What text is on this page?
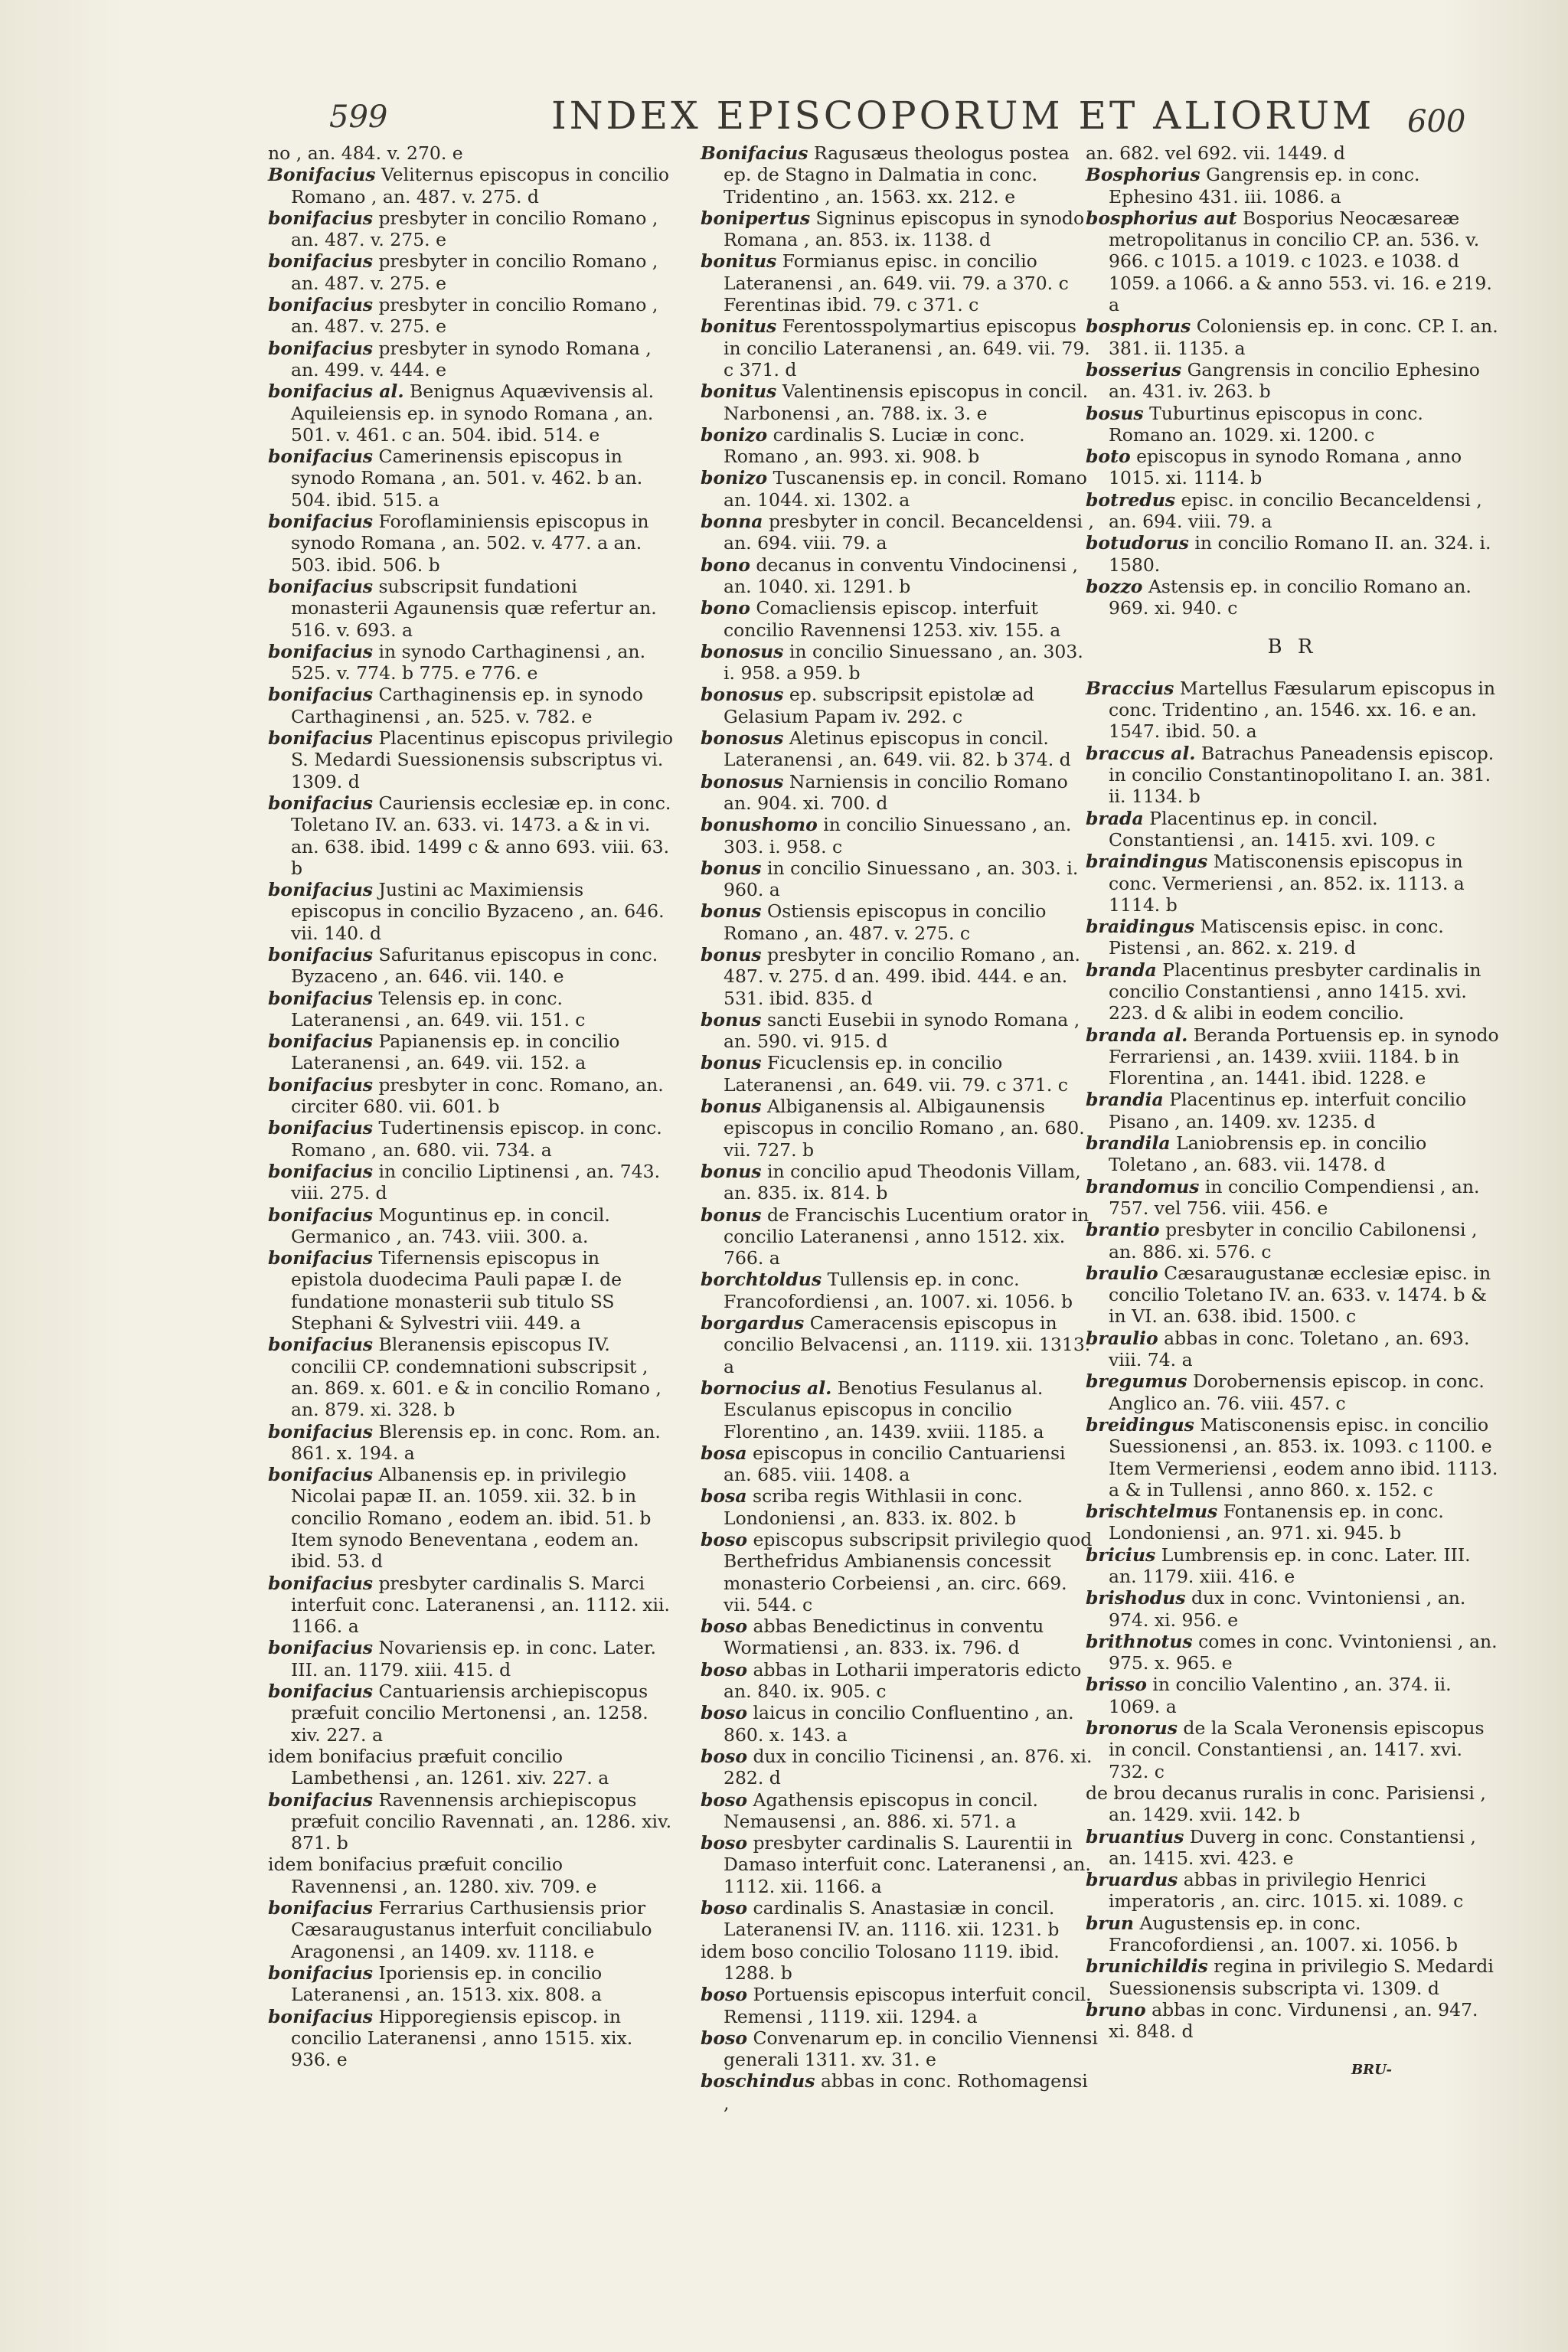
599	INDEX EPISCOPORUM ET ALIORUM 600

no , an. 484. v. 270. e

Bonifacius Veliternus episcopus in concilio Romano , an. 487. v. 275. d

bonifacius presbyter in concilio Romano , an. 487. v. 275. e

bonifacius presbyter in concilio Romano , an. 487. v. 275. e

bonifacius presbyter in concilio Romano , an. 487. v. 275. e

bonifacius presbyter in synodo Romana , an. 499. v. 444. e

bonifacius al. Benignus Aquævivensis al. Aquileiensis ep. in synodo Romana , an. 501. v. 461. c an. 504. ibid. 514. e

bonifacius Camerinensis episcopus in synodo Romana , an. 501. v. 462. b an. 504. ibid. 515. a

bonifacius Foroflaminiensis episcopus in synodo Romana , an. 502. v. 477. a an. 503. ibid. 506. b

bonifacius subscripsit fundationi monasterii Agaunensis quæ refertur an. 516. v. 693. a

bonifacius in synodo Carthaginensi , an. 525. v. 774. b 775. e 776. e

bonifacius Carthaginensis ep. in synodo Carthaginensi , an. 525. v. 782. e

bonifacius Placentinus episcopus privilegio S. Medardi Suessionensis subscriptus vi. 1309. d

bonifacius Cauriensis ecclesiæ ep. in conc. Toletano IV. an. 633. vi. 1473. a & in vi. an. 638. ibid. 1499 c & anno 693. viii. 63. b

bonifacius Justini ac Maximiensis episcopus in concilio Byzaceno , an. 646. vii. 140. d

bonifacius Safuritanus episcopus in conc. Byzaceno , an. 646. vii. 140. e

bonifacius Telensis ep. in conc. Lateranensi , an. 649. vii. 151. c

bonifacius Papianensis ep. in concilio Lateranensi , an. 649. vii. 152. a

bonifacius presbyter in conc. Romano, an. circiter 680. vii. 601. b

bonifacius Tudertinensis episcop. in conc. Romano , an. 680. vii. 734. a

bonifacius in concilio Liptinensi , an. 743. viii. 275. d

bonifacius Moguntinus ep. in concil. Germanico , an. 743. viii. 300. a.

bonifacius Tifernensis episcopus in epistola duodecima Pauli papæ I. de fundatione monasterii sub titulo SS Stephani & Sylvestri viii. 449. a

bonifacius Bleranensis episcopus IV. concilii CP. condemnationi subscripsit , an. 869. x. 601. e & in concilio Romano , an. 879. xi. 328. b

bonifacius Blerensis ep. in conc. Rom. an. 861. x. 194. a

bonifacius Albanensis ep. in privilegio Nicolai papæ II. an. 1059. xii. 32. b in concilio Romano , eodem an. ibid. 51. b Item synodo Beneventana , eodem an. ibid. 53. d

bonifacius presbyter cardinalis S. Marci interfuit conc. Lateranensi , an. 1112. xii. 1166. a

bonifacius Novariensis ep. in conc. Later. III. an. 1179. xiii. 415. d

bonifacius Cantuariensis archiepiscopus præfuit concilio Mertonensi , an. 1258. xiv. 227. a

idem bonifacius præfuit concilio Lambethensi , an. 1261. xiv. 227. a

bonifacius Ravennensis archiepiscopus præfuit concilio Ravennati , an. 1286. xiv. 871. b

idem bonifacius præfuit concilio Ravennensi , an. 1280. xiv. 709. e

bonifacius Ferrarius Carthusiensis prior Cæsaraugustanus interfuit conciliabulo Aragonensi , an 1409. xv. 1118. e

bonifacius Iporiensis ep. in concilio Lateranensi , an. 1513. xix. 808. a

bonifacius Hipporegiensis episcop. in concilio Lateranensi , anno 1515. xix. 936. e

Bonifacius Ragusæus theologus postea ep. de Stagno in Dalmatia in conc. Tridentino , an. 1563. xx. 212. e

bonipertus Signinus episcopus in synodo Romana , an. 853. ix. 1138. d

bonitus Formianus episc. in concilio Lateranensi , an. 649. vii. 79. a 370. c Ferentinas ibid. 79. c 371. c

bonitus Ferentosspolymartius episcopus in concilio Lateranensi , an. 649. vii. 79. c 371. d

bonitus Valentinensis episcopus in concil. Narbonensi , an. 788. ix. 3. e

bonizo cardinalis S. Luciæ in conc. Romano , an. 993. xi. 908. b

bonizo Tuscanensis ep. in concil. Romano an. 1044. xi. 1302. a

bonna presbyter in concil. Becanceldensi , an. 694. viii. 79. a

bono decanus in conventu Vindocinensi , an. 1040. xi. 1291. b

bono Comacliensis episcop. interfuit concilio Ravennensi 1253. xiv. 155. a

bonosus in concilio Sinuessano , an. 303. i. 958. a 959. b

bonosus ep. subscripsit epistolæ ad Gelasium Papam iv. 292. c

bonosus Aletinus episcopus in concil. Lateranensi , an. 649. vii. 82. b 374. d

bonosus Narniensis in concilio Romano an. 904. xi. 700. d

bonushomo in concilio Sinuessano , an. 303. i. 958. c

bonus in concilio Sinuessano , an. 303. i. 960. a

bonus Ostiensis episcopus in concilio Romano , an. 487. v. 275. c

bonus presbyter in concilio Romano , an. 487. v. 275. d an. 499. ibid. 444. e an. 531. ibid. 835. d

bonus sancti Eusebii in synodo Romana , an. 590. vi. 915. d

bonus Ficuclensis ep. in concilio Lateranensi , an. 649. vii. 79. c 371. c

bonus Albiganensis al. Albigaunensis episcopus in concilio Romano , an. 680. vii. 727. b

bonus in concilio apud Theodonis Villam, an. 835. ix. 814. b

bonus de Francischis Lucentium orator in concilio Lateranensi , anno 1512. xix. 766. a

borchtoldus Tullensis ep. in conc. Francofordiensi , an. 1007. xi. 1056. b

borgardus Cameracensis episcopus in concilio Belvacensi , an. 1119. xii. 1313. a

bornocius al. Benotius Fesulanus al. Esculanus episcopus in concilio Florentino , an. 1439. xviii. 1185. a

bosa episcopus in concilio Cantuariensi an. 685. viii. 1408. a

bosa scriba regis Withlasii in conc. Londoniensi , an. 833. ix. 802. b

boso episcopus subscripsit privilegio quod Berthefridus Ambianensis concessit monasterio Corbeiensi , an. circ. 669. vii. 544. c

boso abbas Benedictinus in conventu Wormatiensi , an. 833. ix. 796. d

boso abbas in Lotharii imperatoris edicto an. 840. ix. 905. c

boso laicus in concilio Confluentino , an. 860. x. 143. a

boso dux in concilio Ticinensi , an. 876. xi. 282. d

boso Agathensis episcopus in concil. Nemausensi , an. 886. xi. 571. a

boso presbyter cardinalis S. Laurentii in Damaso interfuit conc. Lateranensi , an. 1112. xii. 1166. a

boso cardinalis S. Anastasiæ in concil. Lateranensi IV. an. 1116. xii. 1231. b

idem boso concilio Tolosano 1119. ibid. 1288. b

boso Portuensis episcopus interfuit concil. Remensi , 1119. xii. 1294. a

boso Convenarum ep. in concilio Viennensi generali 1311. xv. 31. e

boschindus abbas in conc. Rothomagensi ,

an. 682. vel 692. vii. 1449. d

Bosphorius Gangrensis ep. in conc. Ephesino 431. iii. 1086. a

bosphorius aut Bosporius Neocæsareæ metropolitanus in concilio CP. an. 536. v. 966. c 1015. a 1019. c 1023. e 1038. d 1059. a 1066. a & anno 553. vi. 16. e 219. a

bosphorus Coloniensis ep. in conc. CP. I. an. 381. ii. 1135. a

bosserius Gangrensis in concilio Ephesino an. 431. iv. 263. b

bosus Tuburtinus episcopus in conc. Romano an. 1029. xi. 1200. c

boto episcopus in synodo Romana , anno 1015. xi. 1114. b

botredus episc. in concilio Becanceldensi , an. 694. viii. 79. a

botudorus in concilio Romano II. an. 324. i. 1580.

bozzo Astensis ep. in concilio Romano an. 969. xi. 940. c

B R

Braccius Martellus Fæsularum episcopus in conc. Tridentino , an. 1546. xx. 16. e an. 1547. ibid. 50. a

braccus al. Batrachus Paneadensis episcop. in concilio Constantinopolitano I. an. 381. ii. 1134. b

brada Placentinus ep. in concil. Constantiensi , an. 1415. xvi. 109. c

braindingus Matisconensis episcopus in conc. Vermeriensi , an. 852. ix. 1113. a 1114. b

braidingus Matiscensis episc. in conc. Pistensi , an. 862. x. 219. d

branda Placentinus presbyter cardinalis in concilio Constantiensi , anno 1415. xvi. 223. d & alibi in eodem concilio.

branda al. Beranda Portuensis ep. in synodo Ferrariensi , an. 1439. xviii. 1184. b in Florentina , an. 1441. ibid. 1228. e

brandia Placentinus ep. interfuit concilio Pisano , an. 1409. xv. 1235. d

brandila Laniobrensis ep. in concilio Toletano , an. 683. vii. 1478. d

brandomus in concilio Compendiensi , an. 757. vel 756. viii. 456. e

brantio presbyter in concilio Cabilonensi , an. 886. xi. 576. c

braulio Cæsaraugustanæ ecclesiæ episc. in concilio Toletano IV. an. 633. v. 1474. b & in VI. an. 638. ibid. 1500. c

braulio abbas in conc. Toletano , an. 693. viii. 74. a

bregumus Dorobernensis episcop. in conc. Anglico an. 76. viii. 457. c

breidingus Matisconensis episc. in concilio Suessionensi , an. 853. ix. 1093. c 1100. e Item Vermeriensi , eodem anno ibid. 1113. a & in Tullensi , anno 860. x. 152. c

brischtelmus Fontanensis ep. in conc. Londoniensi , an. 971. xi. 945. b

bricius Lumbrensis ep. in conc. Later. III. an. 1179. xiii. 416. e

brishodus dux in conc. Vvintoniensi , an. 974. xi. 956. e

brithnotus comes in conc. Vvintoniensi , an. 975. x. 965. e

brisso in concilio Valentino , an. 374. ii. 1069. a

bronorus de la Scala Veronensis episcopus in concil. Constantiensi , an. 1417. xvi. 732. c

de brou decanus ruralis in conc. Parisiensi , an. 1429. xvii. 142. b

bruantius Duverg in conc. Constantiensi , an. 1415. xvi. 423. e

bruardus abbas in privilegio Henrici imperatoris , an. circ. 1015. xi. 1089. c

brun Augustensis ep. in conc. Francofordiensi , an. 1007. xi. 1056. b

brunichildis regina in privilegio S. Medardi Suessionensis subscripta vi. 1309. d

bruno abbas in conc. Virdunensi , an. 947. xi. 848. d

BRU-
